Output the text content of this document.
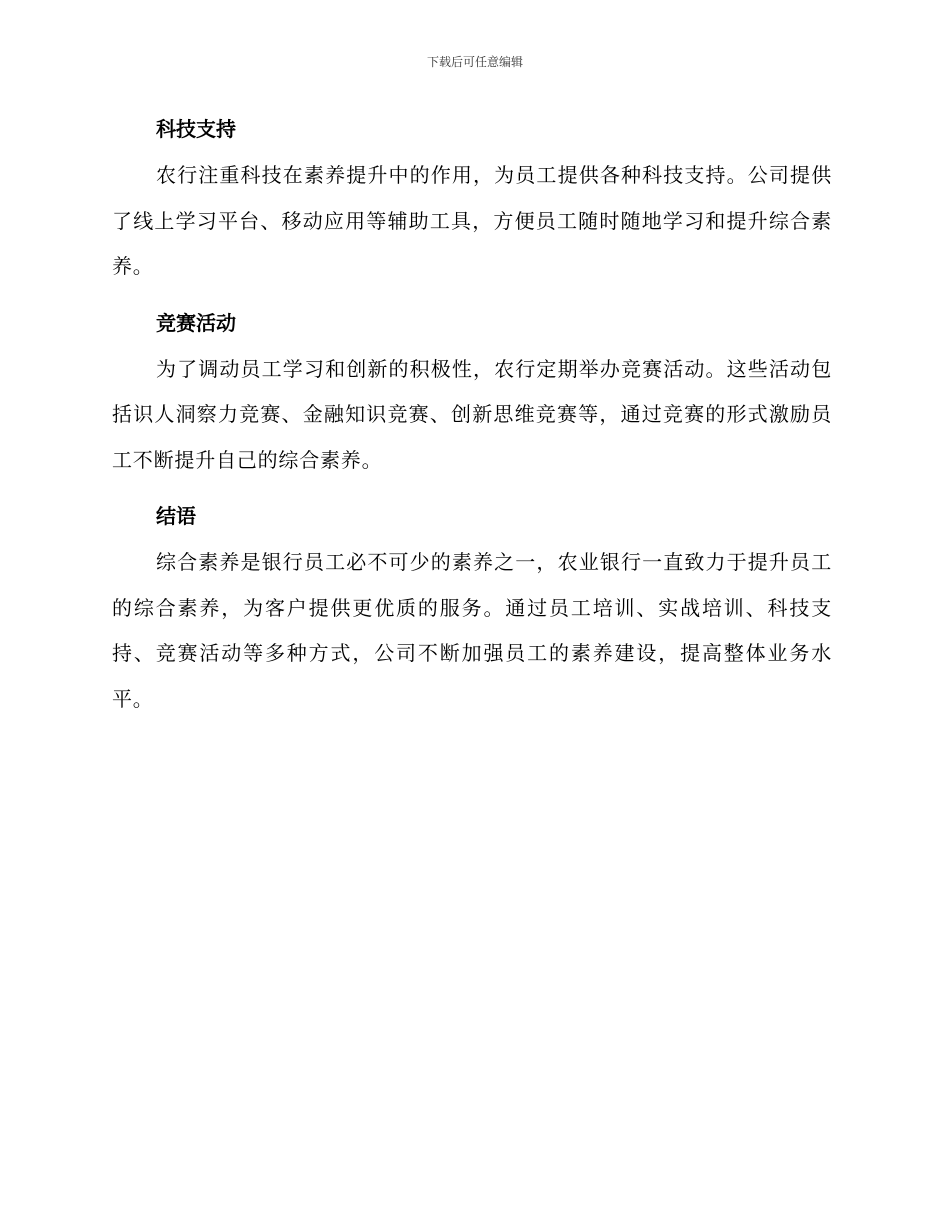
下载后可任意编辑
科技支持

农行注重科技在素养提升中的作用，为员工提供各种科技支持。公司提供了线上学习平台、移动应用等辅助工具，方便员工随时随地学习和提升综合素养。

竞赛活动

为了调动员工学习和创新的积极性，农行定期举办竞赛活动。这些活动包括识人洞察力竞赛、金融知识竞赛、创新思维竞赛等，通过竞赛的形式激励员工不断提升自己的综合素养。

结语

综合素养是银行员工必不可少的素养之一，农业银行一直致力于提升员工的综合素养，为客户提供更优质的服务。通过员工培训、实战培训、科技支持、竞赛活动等多种方式，公司不断加强员工的素养建设，提高整体业务水平。
